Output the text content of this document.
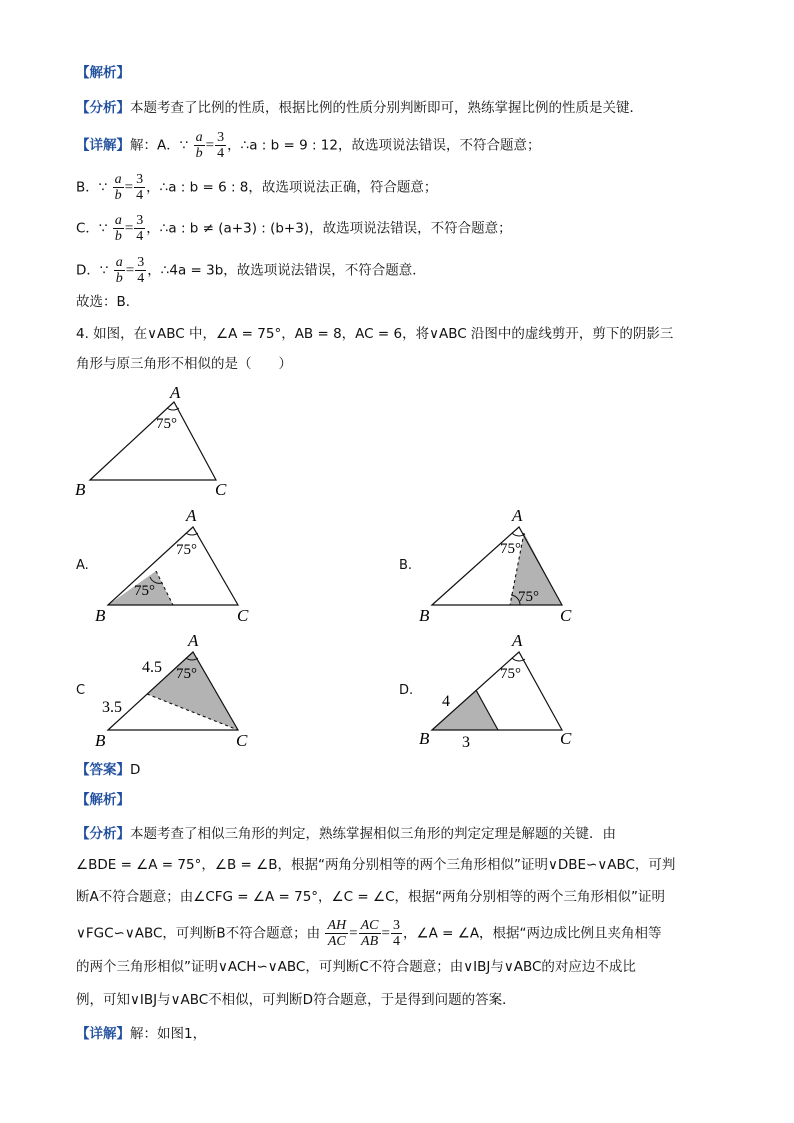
【解析】
【分析】本题考查了比例的性质，根据比例的性质分别判断即可，熟练掌握比例的性质是关键．
【详解】解：A．∵ $\frac{a}{b} = \frac{3}{4}$ ，∴a : b = 9 : 12，故选项说法错误，不符合题意；
B．∵ $\frac{a}{b} = \frac{3}{4}$ ，∴a : b = 6 : 8，故选项说法正确，符合题意；
C．∵ $\frac{a}{b} = \frac{3}{4}$ ，∴a : b ≠ (a+3) : (b+3)，故选项说法错误，不符合题意；
D．∵ $\frac{a}{b} = \frac{3}{4}$ ，∴4a = 3b，故选项说法错误，不符合题意．
故选：B．
4. 如图，在∨ABC 中，∠A = 75°，AB = 8，AC = 6，将∨ABC 沿图中的虚线剪开，剪下的阴影三
角形与原三角形不相似的是（　　）
A
75°
B	C
A.
A
75°
75°
B	C
B.
A
75°
75°
B	C
C
A
75°
4.5
3.5
B	C
D.
A
75°
4
3
B	C
【答案】D
【解析】
【分析】本题考查了相似三角形的判定，熟练掌握相似三角形的判定定理是解题的关键．由
∠BDE = ∠A = 75°，∠B = ∠B，根据“两角分别相等的两个三角形相似”证明∨DBE∽∨ABC，可判
断A不符合题意；由∠CFG = ∠A = 75°，∠C = ∠C，根据“两角分别相等的两个三角形相似”证明
∨FGC∽∨ABC，可判断B不符合题意；由 $\frac{AH}{AC} = \frac{AC}{AB} = \frac{3}{4}$ ，∠A = ∠A，根据“两边成比例且夹角相等
的两个三角形相似”证明∨ACH∽∨ABC，可判断C不符合题意；由∨IBJ与∨ABC的对应边不成比
例，可知∨IBJ与∨ABC不相似，可判断D符合题意，于是得到问题的答案．
【详解】解：如图1，
